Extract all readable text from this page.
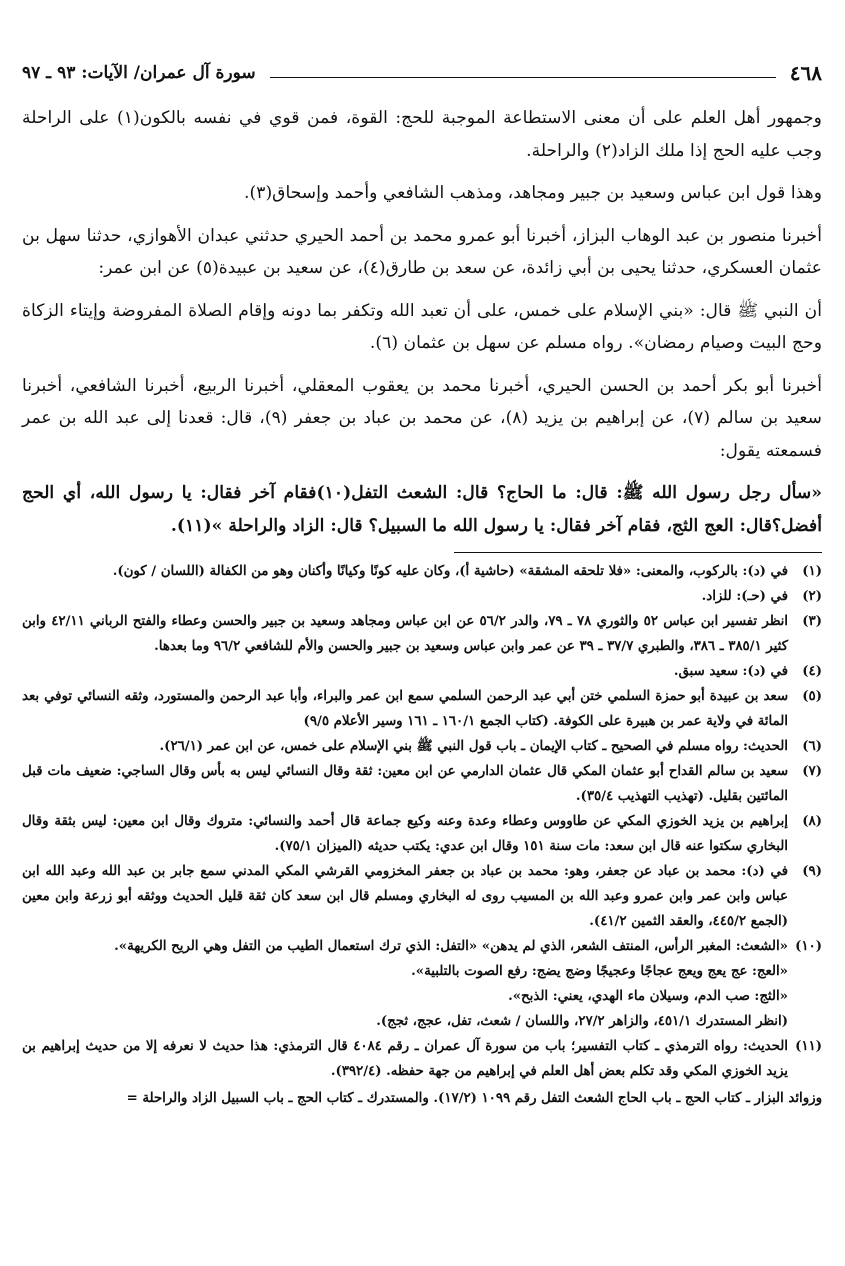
٤٦٨
سورة آل عمران/ الآيات: ٩٣ ـ ٩٧

وجمهور أهل العلم على أن معنى الاستطاعة الموجبة للحج: القوة، فمن قوي في نفسه بالكون(١) على الراحلة وجب عليه الحج إذا ملك الزاد(٢) والراحلة.

وهذا قول ابن عباس وسعيد بن جبير ومجاهد، ومذهب الشافعي وأحمد وإسحاق(٣).

أخبرنا منصور بن عبد الوهاب البزاز، أخبرنا أبو عمرو محمد بن أحمد الحيري حدثني عبدان الأهوازي، حدثنا سهل بن عثمان العسكري، حدثنا يحيى بن أبي زائدة، عن سعد بن طارق(٤)، عن سعيد بن عبيدة(٥) عن ابن عمر:

أن النبي ﷺ قال: «بني الإسلام على خمس، على أن تعبد الله وتكفر بما دونه وإقام الصلاة المفروضة وإيتاء الزكاة وحج البيت وصيام رمضان». رواه مسلم عن سهل بن عثمان (٦).

أخبرنا أبو بكر أحمد بن الحسن الحيري، أخبرنا محمد بن يعقوب المعقلي، أخبرنا الربيع، أخبرنا الشافعي، أخبرنا سعيد بن سالم (٧)، عن إبراهيم بن يزيد (٨)، عن محمد بن عباد بن جعفر (٩)، قال: قعدنا إلى عبد الله بن عمر فسمعته يقول:

«سأل رجل رسول الله ﷺ: قال: ما الحاج؟ قال: الشعث التفل(١٠)فقام آخر فقال: يا رسول الله، أي الحج أفضل؟قال: العج الثج، فقام آخر فقال: يا رسول الله ما السبيل؟ قال: الزاد والراحلة »(١١).

(١)
في (د): بالركوب، والمعنى: «فلا تلحقه المشقة» (حاشية أ)، وكان عليه كونًا وكيانًا وأكنان وهو من الكفالة (اللسان / كون).
(٢)
في (حـ): للزاد.
(٣)
انظر تفسير ابن عباس ٥٢ والثوري ٧٨ ـ ٧٩، والدر ٥٦/٢ عن ابن عباس ومجاهد وسعيد بن جبير والحسن وعطاء والفتح الرباني ٤٢/١١ وابن كثير ٣٨٥/١ ـ ٣٨٦، والطبري ٣٧/٧ ـ ٣٩ عن عمر وابن عباس وسعيد بن جبير والحسن والأم للشافعي ٩٦/٢ وما بعدها.
(٤)
في (د): سعيد سبق.
(٥)
سعد بن عبيدة أبو حمزة السلمي ختن أبي عبد الرحمن السلمي سمع ابن عمر والبراء، وأبا عبد الرحمن والمستورد، وثقه النسائي توفي بعد المائة في ولاية عمر بن هبيرة على الكوفة. (كتاب الجمع ١٦٠/١ ـ ١٦١ وسير الأعلام ٩/٥)
(٦)
الحديث: رواه مسلم في الصحيح ـ كتاب الإيمان ـ باب قول النبي ﷺ بني الإسلام على خمس، عن ابن عمر (٢٦/١).
(٧)
سعيد بن سالم القداح أبو عثمان المكي قال عثمان الدارمي عن ابن معين: ثقة وقال النسائي ليس به بأس وقال الساجي: ضعيف مات قبل المائتين بقليل. (تهذيب التهذيب ٣٥/٤).
(٨)
إبراهيم بن يزيد الخوزي المكي عن طاووس وعطاء وعدة وعنه وكيع جماعة قال أحمد والنسائي: متروك وقال ابن معين: ليس بثقة وقال البخاري سكتوا عنه قال ابن سعد: مات سنة ١٥١ وقال ابن عدي: يكتب حديثه (الميزان ٧٥/١).
(٩)
في (د): محمد بن عباد عن جعفر، وهو: محمد بن عباد بن جعفر المخزومي القرشي المكي المدني سمع جابر بن عبد الله وعبد الله ابن عباس وابن عمر وابن عمرو وعبد الله بن المسيب روى له البخاري ومسلم قال ابن سعد كان ثقة قليل الحديث ووثقه أبو زرعة وابن معين (الجمع ٤٤٥/٢، والعقد الثمين ٤١/٢).
(١٠)
«الشعث: المغبر الرأس، المنتف الشعر، الذي لم يدهن» «التفل: الذي ترك استعمال الطيب من التفل وهي الريح الكريهة».
«العج: عج يعج ويعج عجاجًا وعجيجًا وضج يضج: رفع الصوت بالتلبية».
«الثج: صب الدم، وسيلان ماء الهدي، يعني: الذبح».
(انظر المستدرك ٤٥١/١، والزاهر ٢٧/٢، واللسان / شعث، تفل، عجج، ثجج).
(١١)
الحديث: رواه الترمذي ـ كتاب التفسير؛ باب من سورة آل عمران ـ رقم ٤٠٨٤ قال الترمذي: هذا حديث لا نعرفه إلا من حديث إبراهيم بن يزيد الخوزي المكي وقد تكلم بعض أهل العلم في إبراهيم من جهة حفظه. (٣٩٢/٤).
وزوائد البزار ـ كتاب الحج ـ باب الحاج الشعث التفل رقم ١٠٩٩ (١٧/٢). والمستدرك ـ كتاب الحج ـ باب السبيل الزاد والراحلة =
